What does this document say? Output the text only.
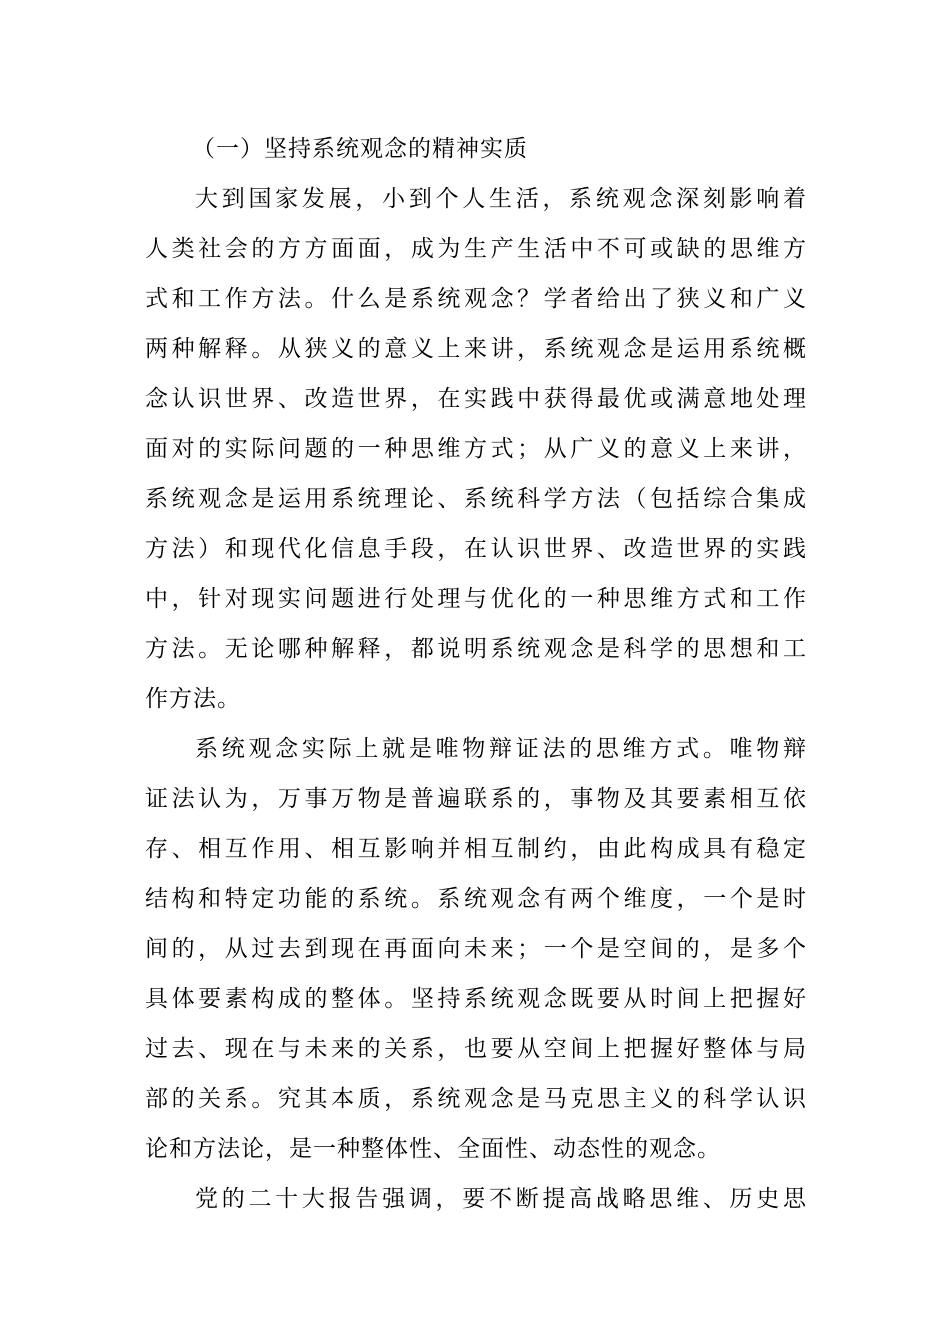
（一）坚持系统观念的精神实质
大到国家发展，小到个人生活，系统观念深刻影响着
人类社会的方方面面，成为生产生活中不可或缺的思维方
式和工作方法。什么是系统观念？学者给出了狭义和广义
两种解释。从狭义的意义上来讲，系统观念是运用系统概
念认识世界、改造世界，在实践中获得最优或满意地处理
面对的实际问题的一种思维方式；从广义的意义上来讲，
系统观念是运用系统理论、系统科学方法（包括综合集成
方法）和现代化信息手段，在认识世界、改造世界的实践
中，针对现实问题进行处理与优化的一种思维方式和工作
方法。无论哪种解释，都说明系统观念是科学的思想和工
作方法。
系统观念实际上就是唯物辩证法的思维方式。唯物辩
证法认为，万事万物是普遍联系的，事物及其要素相互依
存、相互作用、相互影响并相互制约，由此构成具有稳定
结构和特定功能的系统。系统观念有两个维度，一个是时
间的，从过去到现在再面向未来；一个是空间的，是多个
具体要素构成的整体。坚持系统观念既要从时间上把握好
过去、现在与未来的关系，也要从空间上把握好整体与局
部的关系。究其本质，系统观念是马克思主义的科学认识
论和方法论，是一种整体性、全面性、动态性的观念。
党的二十大报告强调，要不断提高战略思维、历史思
